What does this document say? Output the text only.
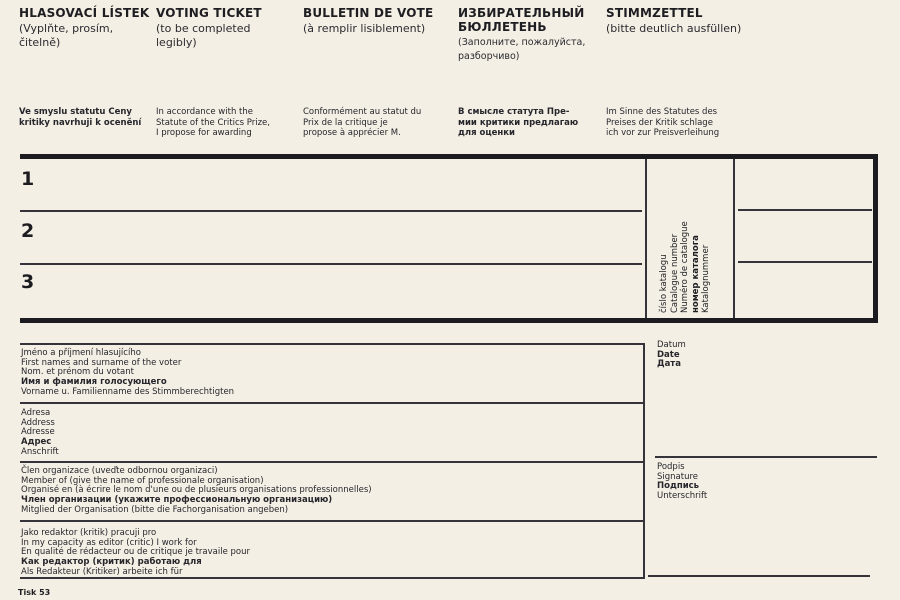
HLASOVACÍ LÍSTEK
(Vyplňte, prosím,
čitelně)
VOTING TICKET
(to be completed
legibly)
BULLETIN DE VOTE
(à remplir lisiblement)
ИЗБИРАТЕЛЬНЫЙ
БЮЛЛЕТЕНЬ
(Заполните, пожалуйста,
разборчиво)
STIMMZETTEL
(bitte deutlich ausfüllen)
Ve smyslu statutu Ceny
kritiky navrhuji k ocenění
In accordance with the
Statute of the Critics Prize,
I propose for awarding
Conformément au statut du
Prix de la critique je
propose à apprécier M.
В смысле статута Пре-
мии критики предлагаю
для оценки
Im Sinne des Statutes des
Preises der Kritik schlage
ich vor zur Preisverleihung
1
2
3	číslo katalogu Catalogue number Numéro de catalogue номер каталога Katalognummer
Jméno a příjmení hlasujícího
First names and surname of the voter
Nom. et prénom du votant
Имя и фамилия голосующего
Vorname u. Familienname des Stimmberechtigten
Adresa
Address
Adresse
Адрес
Anschrift
Člen organizace (uveďte odbornou organizaci)
Member of (give the name of professionale organisation)
Organisé en (à écrire le nom d'une ou de plusieurs organisations professionnelles)
Член организации (укажите профессиональную организацию)
Mitglied der Organisation (bitte die Fachorganisation angeben)
Jako redaktor (kritik) pracuji pro
In my capacity as editor (critic) I work for
En qualité de rédacteur ou de critique je travaile pour
Как редактор (критик) работаю для
Als Redakteur (Kritiker) arbeite ich für
Datum
Date
Дата
Podpis
Signature
Подпись
Unterschrift
Tisk 53
